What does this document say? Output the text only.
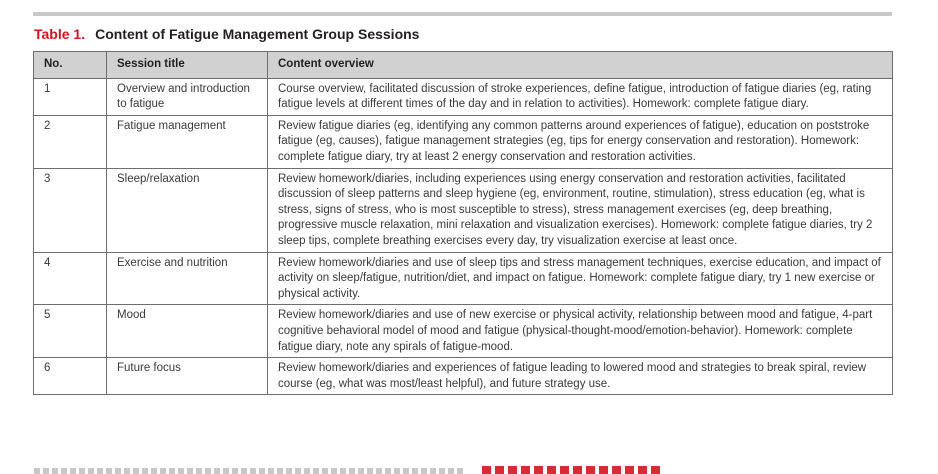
Table 1. Content of Fatigue Management Group Sessions
No.	Session title	Content overview
1	Overview and introduction to fatigue	Course overview, facilitated discussion of stroke experiences, define fatigue, introduction of fatigue diaries (eg, rating fatigue levels at different times of the day and in relation to activities). Homework: complete fatigue diary.
2	Fatigue management	Review fatigue diaries (eg, identifying any common patterns around experiences of fatigue), education on poststroke fatigue (eg, causes), fatigue management strategies (eg, tips for energy conservation and restoration). Homework: complete fatigue diary, try at least 2 energy conservation and restoration activities.
3	Sleep/relaxation	Review homework/diaries, including experiences using energy conservation and restoration activities, facilitated discussion of sleep patterns and sleep hygiene (eg, environment, routine, stimulation), stress education (eg, what is stress, signs of stress, who is most susceptible to stress), stress management exercises (eg, deep breathing, progressive muscle relaxation, mini relaxation and visualization exercises). Homework: complete fatigue diaries, try 2 sleep tips, complete breathing exercises every day, try visualization exercise at least once.
4	Exercise and nutrition	Review homework/diaries and use of sleep tips and stress management techniques, exercise education, and impact of activity on sleep/fatigue, nutrition/diet, and impact on fatigue. Homework: complete fatigue diary, try 1 new exercise or physical activity.
5	Mood	Review homework/diaries and use of new exercise or physical activity, relationship between mood and fatigue, 4-part cognitive behavioral model of mood and fatigue (physical-thought-mood/emotion-behavior). Homework: complete fatigue diary, note any spirals of fatigue-mood.
6	Future focus	Review homework/diaries and experiences of fatigue leading to lowered mood and strategies to break spiral, review course (eg, what was most/least helpful), and future strategy use.
